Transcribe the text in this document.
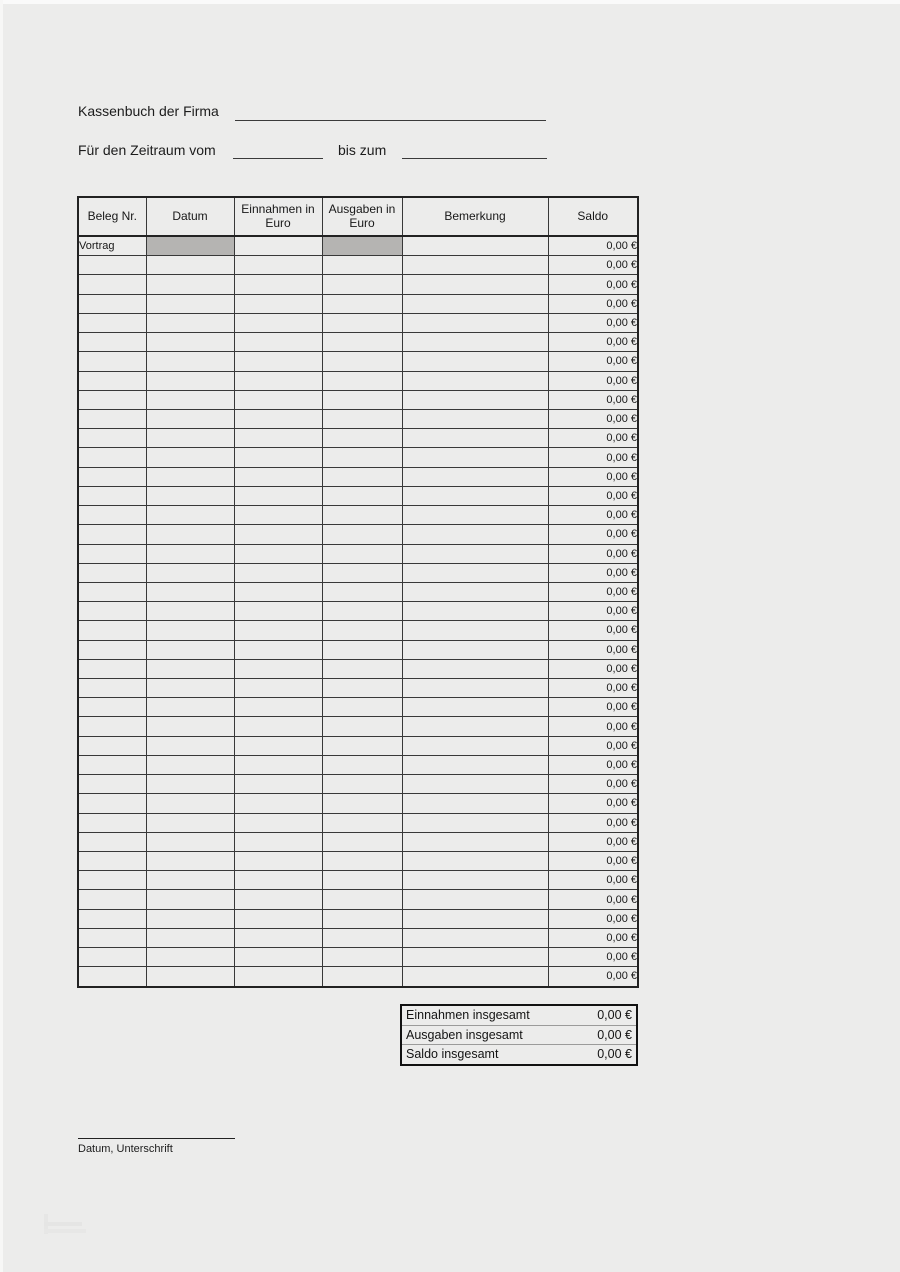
Kassenbuch der Firma
Für den Zeitraum vom	bis zum
Beleg Nr.	Datum	Einnahmen in Euro	Ausgaben in Euro	Bemerkung	Saldo
Vortrag					0,00 €
					0,00 €
					0,00 €
					0,00 €
					0,00 €
					0,00 €
					0,00 €
					0,00 €
					0,00 €
					0,00 €
					0,00 €
					0,00 €
					0,00 €
					0,00 €
					0,00 €
					0,00 €
					0,00 €
					0,00 €
					0,00 €
					0,00 €
					0,00 €
					0,00 €
					0,00 €
					0,00 €
					0,00 €
					0,00 €
					0,00 €
					0,00 €
					0,00 €
					0,00 €
					0,00 €
					0,00 €
					0,00 €
					0,00 €
					0,00 €
					0,00 €
					0,00 €
					0,00 €
					0,00 €
Einnahmen insgesamt	0,00 €
Ausgaben insgesamt	0,00 €
Saldo insgesamt	0,00 €
Datum, Unterschrift
